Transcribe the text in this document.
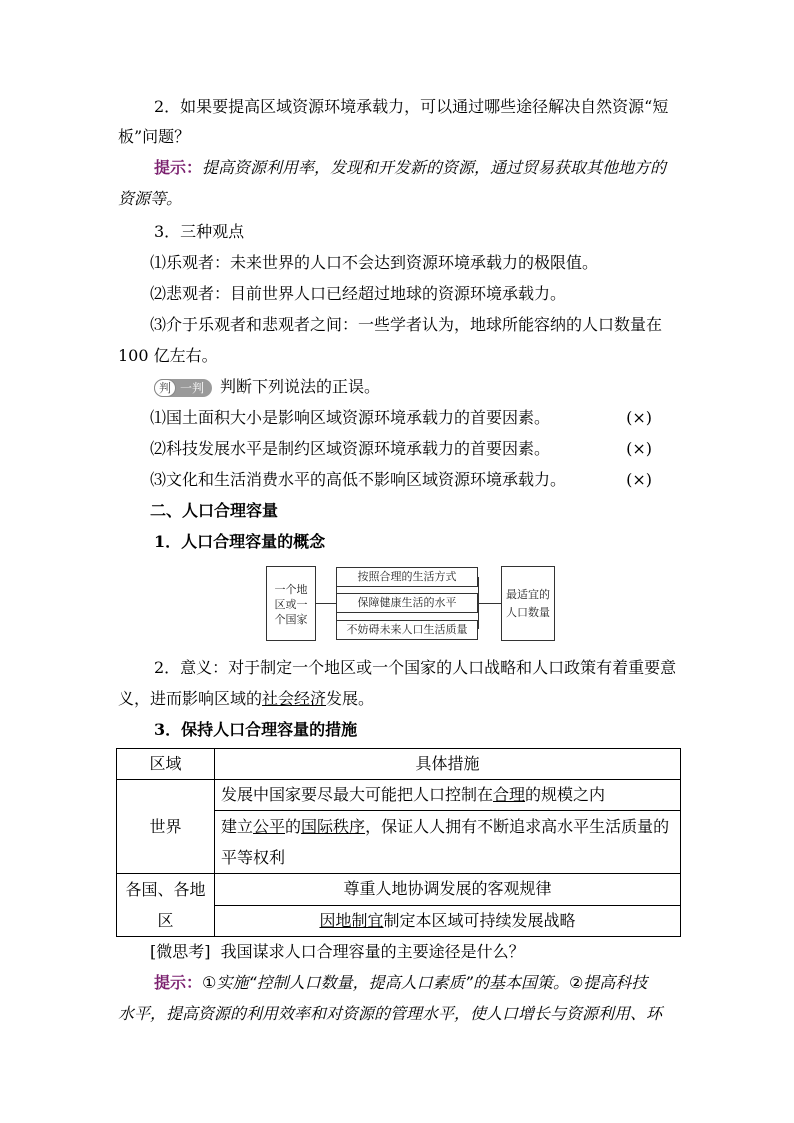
2．如果要提高区域资源环境承载力，可以通过哪些途径解决自然资源“短
板”问题？
提示：提高资源利用率，发现和开发新的资源，通过贸易获取其他地方的
资源等。
3．三种观点
⑴乐观者：未来世界的人口不会达到资源环境承载力的极限值。
⑵悲观者：目前世界人口已经超过地球的资源环境承载力。
⑶介于乐观者和悲观者之间：一些学者认为，地球所能容纳的人口数量在
100 亿左右。
判 一判 判断下列说法的正误。
⑴国土面积大小是影响区域资源环境承载力的首要因素。	(×)
⑵科技发展水平是制约区域资源环境承载力的首要因素。	(×)
⑶文化和生活消费水平的高低不影响区域资源环境承载力。	(×)
二、人口合理容量
1．人口合理容量的概念
一个地
区或一
个国家
按照合理的生活方式
保障健康生活的水平
不妨碍未来人口生活质量
最适宜的
人口数量
2．意义：对于制定一个地区或一个国家的人口战略和人口政策有着重要意
义，进而影响区域的社会经济发展。
3．保持人口合理容量的措施
区域	具体措施
世界	发展中国家要尽最大可能把人口控制在合理的规模之内
	建立公平的国际秩序，保证人人拥有不断追求高水平生活质量的
平等权利
各国、各地
区	尊重人地协调发展的客观规律
	因地制宜制定本区域可持续发展战略
[微思考] 我国谋求人口合理容量的主要途径是什么？
提示：①实施“控制人口数量，提高人口素质”的基本国策。②提高科技
水平，提高资源的利用效率和对资源的管理水平，使人口增长与资源利用、环
